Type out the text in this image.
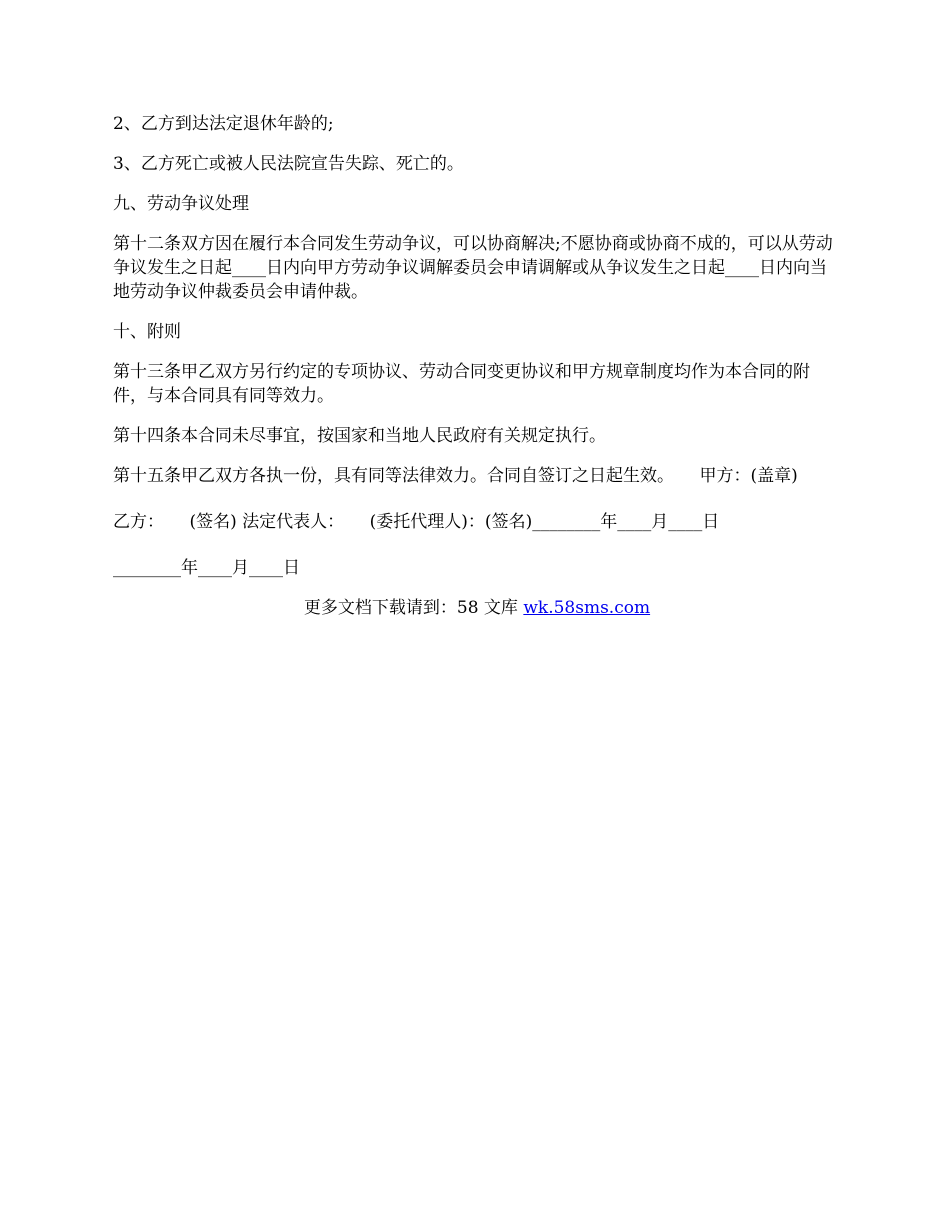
2、乙方到达法定退休年龄的;

3、乙方死亡或被人民法院宣告失踪、死亡的。

九、劳动争议处理

第十二条双方因在履行本合同发生劳动争议，可以协商解决;不愿协商或协商不成的，可以从劳动争议发生之日起____日内向甲方劳动争议调解委员会申请调解或从争议发生之日起____日内向当地劳动争议仲裁委员会申请仲裁。

十、附则

第十三条甲乙双方另行约定的专项协议、劳动合同变更协议和甲方规章制度均作为本合同的附件，与本合同具有同等效力。

第十四条本合同未尽事宜，按国家和当地人民政府有关规定执行。

第十五条甲乙双方各执一份，具有同等法律效力。合同自签订之日起生效。　　甲方：(盖章)

乙方：　　(签名) 法定代表人：　　(委托代理人)：(签名)________年____月____日

________年____月____日

更多文档下载请到：58 文库 wk.58sms.com
